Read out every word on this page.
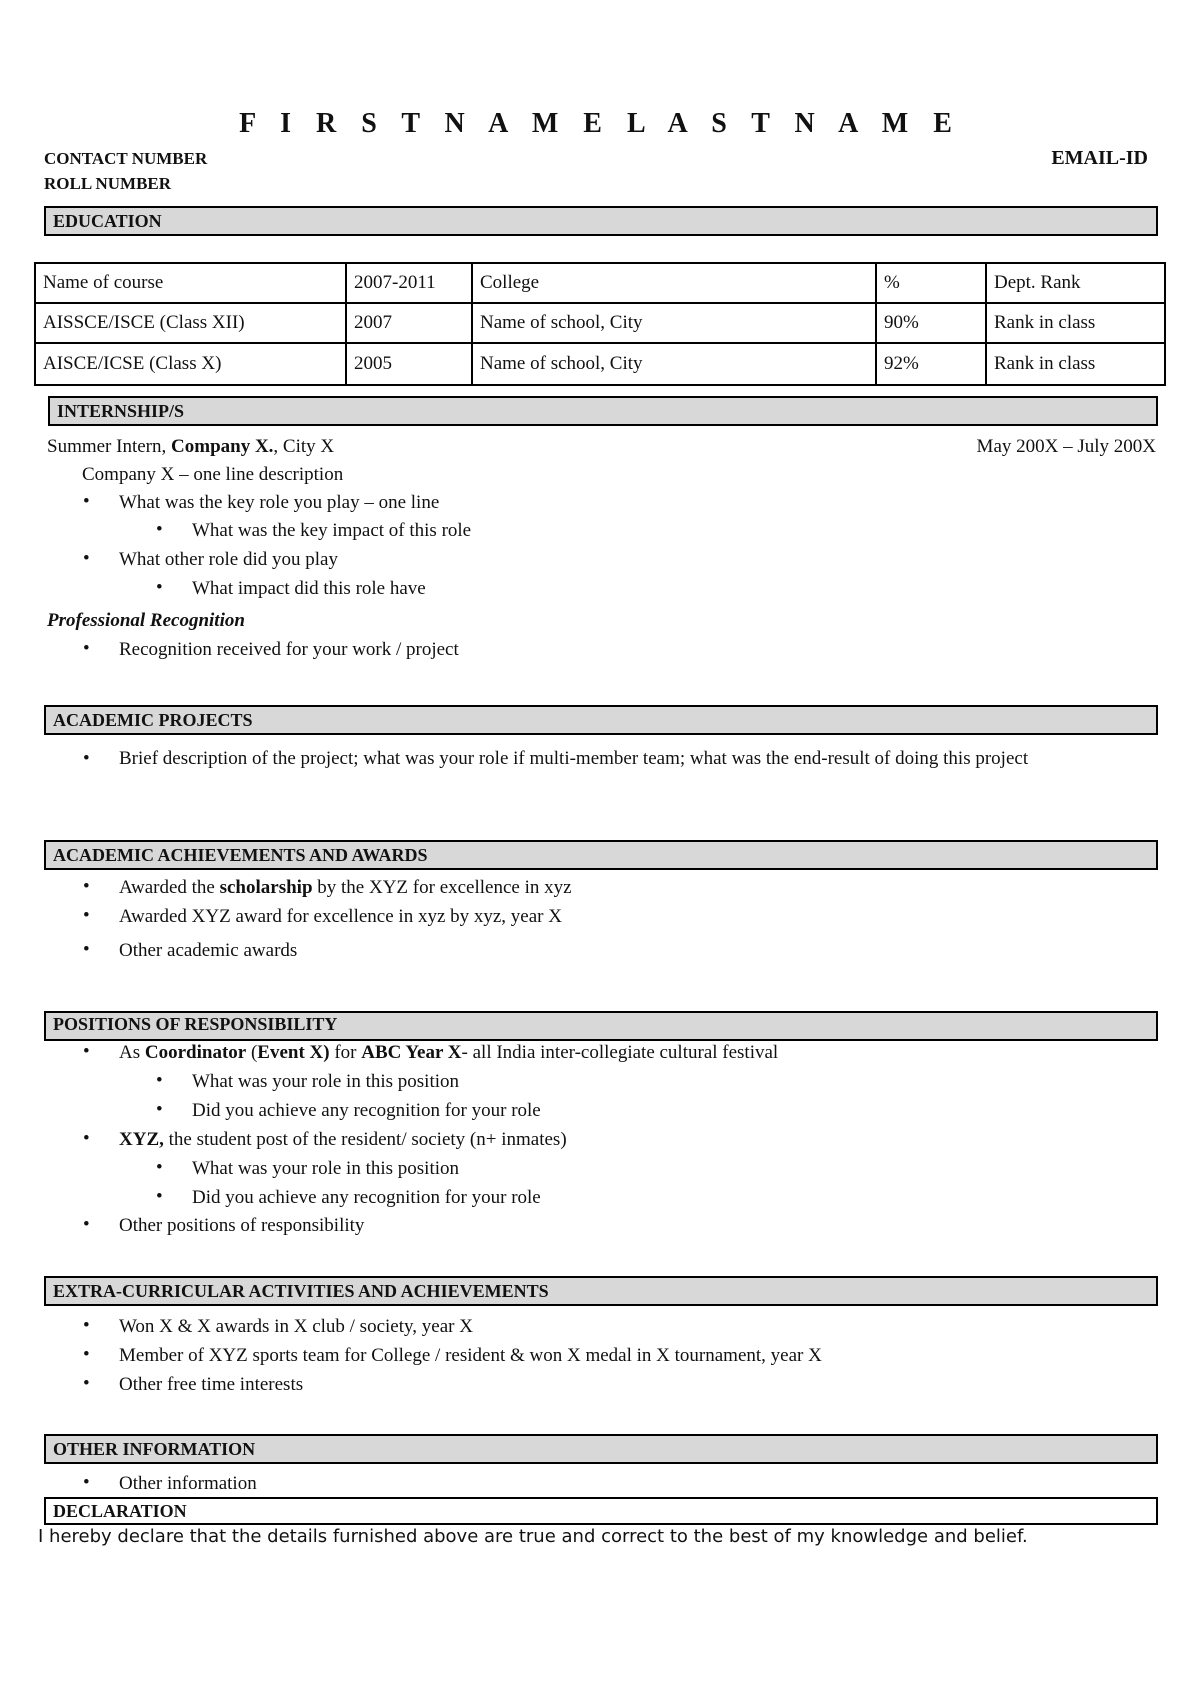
F I R S T N A M E L A S T N A M E
CONTACT NUMBER
ROLL NUMBER
EMAIL-ID
EDUCATION
Name of course	2007-2011	College	%	Dept. Rank
AISSCE/ISCE (Class XII)	2007	Name of school, City	90%	Rank in class
AISCE/ICSE (Class X)	2005	Name of school, City	92%	Rank in class
INTERNSHIP/S
Summer Intern, Company X., City X	May 200X – July 200X
Company X – one line description
• What was the key role you play – one line
• What was the key impact of this role
• What other role did you play
• What impact did this role have
Professional Recognition
• Recognition received for your work / project
ACADEMIC PROJECTS
• Brief description of the project; what was your role if multi-member team; what was the end-result of doing this project
ACADEMIC ACHIEVEMENTS AND AWARDS
• Awarded the scholarship by the XYZ for excellence in xyz
• Awarded XYZ award for excellence in xyz by xyz, year X
• Other academic awards
POSITIONS OF RESPONSIBILITY
• As Coordinator (Event X) for ABC Year X- all India inter-collegiate cultural festival
• What was your role in this position
• Did you achieve any recognition for your role
• XYZ, the student post of the resident/ society (n+ inmates)
• What was your role in this position
• Did you achieve any recognition for your role
• Other positions of responsibility
EXTRA-CURRICULAR ACTIVITIES AND ACHIEVEMENTS
• Won X & X awards in X club / society, year X
• Member of XYZ sports team for College / resident & won X medal in X tournament, year X
• Other free time interests
OTHER INFORMATION
• Other information
DECLARATION
I hereby declare that the details furnished above are true and correct to the best of my knowledge and belief.
